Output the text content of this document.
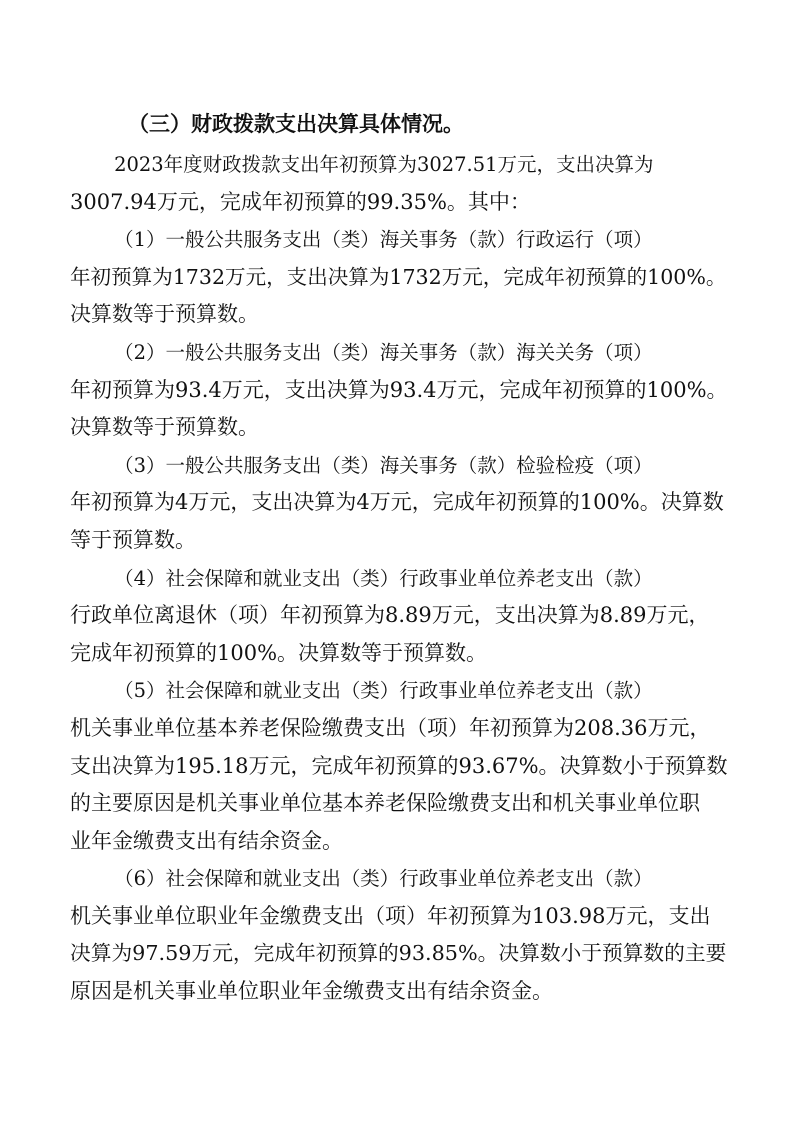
（三）财政拨款支出决算具体情况。

2023年度财政拨款支出年初预算为3027.51万元，支出决算为
3007.94万元，完成年初预算的99.35%。其中：

（1）一般公共服务支出（类）海关事务（款）行政运行（项）
年初预算为1732万元，支出决算为1732万元，完成年初预算的100%。
决算数等于预算数。

（2）一般公共服务支出（类）海关事务（款）海关关务（项）
年初预算为93.4万元，支出决算为93.4万元，完成年初预算的100%。
决算数等于预算数。

（3）一般公共服务支出（类）海关事务（款）检验检疫（项）
年初预算为4万元，支出决算为4万元，完成年初预算的100%。决算数
等于预算数。

（4）社会保障和就业支出（类）行政事业单位养老支出（款）
行政单位离退休（项）年初预算为8.89万元，支出决算为8.89万元，
完成年初预算的100%。决算数等于预算数。

（5）社会保障和就业支出（类）行政事业单位养老支出（款）
机关事业单位基本养老保险缴费支出（项）年初预算为208.36万元，
支出决算为195.18万元，完成年初预算的93.67%。决算数小于预算数
的主要原因是机关事业单位基本养老保险缴费支出和机关事业单位职
业年金缴费支出有结余资金。

（6）社会保障和就业支出（类）行政事业单位养老支出（款）
机关事业单位职业年金缴费支出（项）年初预算为103.98万元，支出
决算为97.59万元，完成年初预算的93.85%。决算数小于预算数的主要
原因是机关事业单位职业年金缴费支出有结余资金。
